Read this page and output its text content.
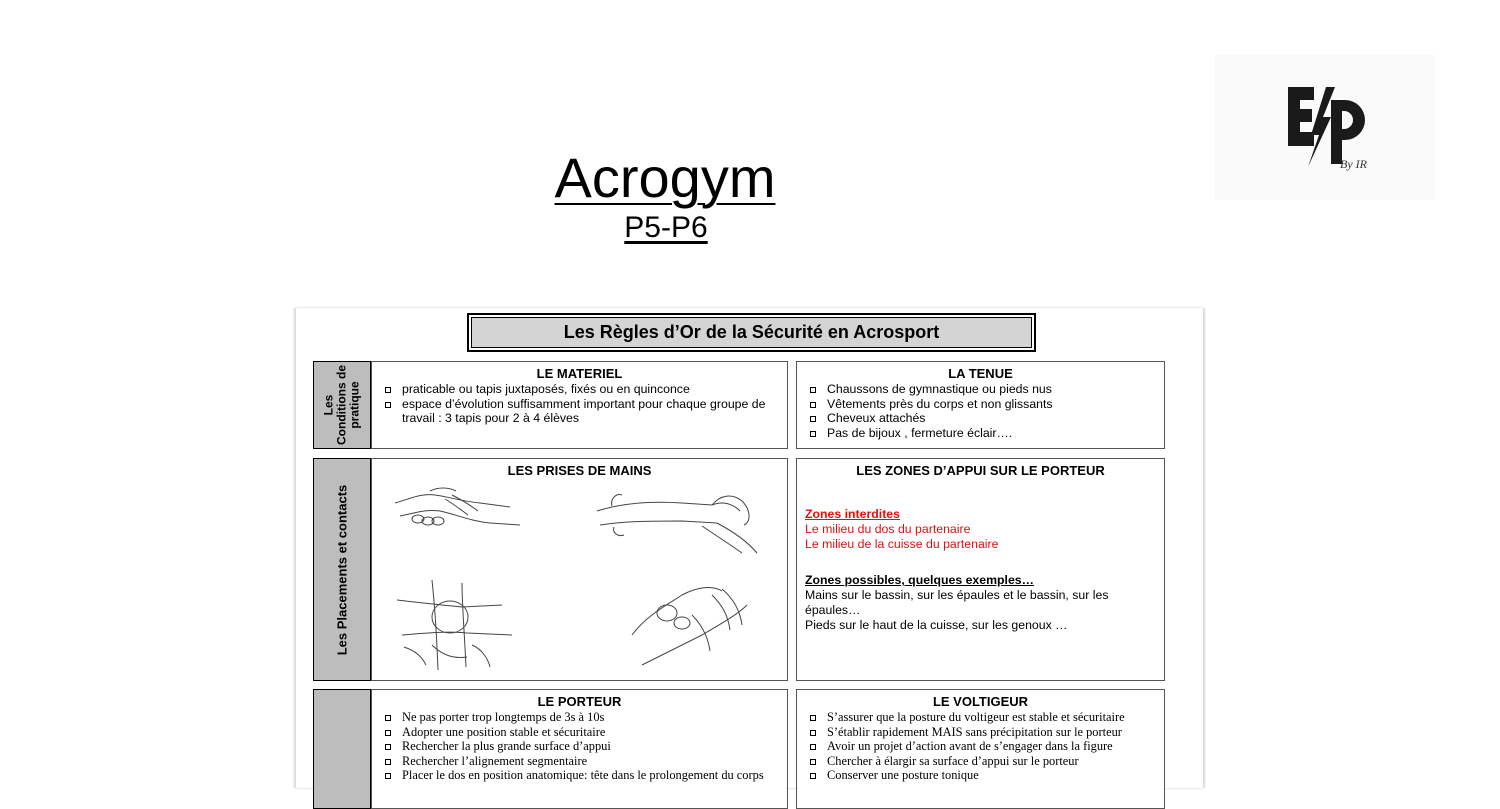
Acrogym
P5-P6
By IR
Les Règles d’Or de la Sécurité en Acrosport
Les Conditions de pratique
LE MATERIEL
praticable ou tapis juxtaposés, fixés ou en quinconce
espace d’évolution suffisamment important pour chaque groupe de travail : 3 tapis pour 2 à 4 élèves
LA TENUE
Chaussons de gymnastique ou pieds nus
Vêtements près du corps et non glissants
Cheveux attachés
Pas de bijoux , fermeture éclair….
Les Placements et contacts
LES PRISES DE MAINS	LES ZONES D’APPUI SUR LE PORTEUR
Zones interdites
Le milieu du dos du partenaire
Le milieu de la cuisse du partenaire
Zones possibles, quelques exemples…
Mains sur le bassin, sur les épaules et le bassin, sur les épaules…
Pieds sur le haut de la cuisse, sur les genoux …
LE PORTEUR
Ne pas porter trop longtemps de 3s à 10s
Adopter une position stable et sécuritaire
Rechercher la plus grande surface d’appui
Rechercher l’alignement segmentaire
Placer le dos en position anatomique: tête dans le prolongement du corps
LE VOLTIGEUR
S’assurer que la posture du voltigeur est stable et sécuritaire
S’établir rapidement MAIS sans précipitation sur le porteur
Avoir un projet d’action avant de s’engager dans la figure
Chercher à élargir sa surface d’appui sur le porteur
Conserver une posture tonique
